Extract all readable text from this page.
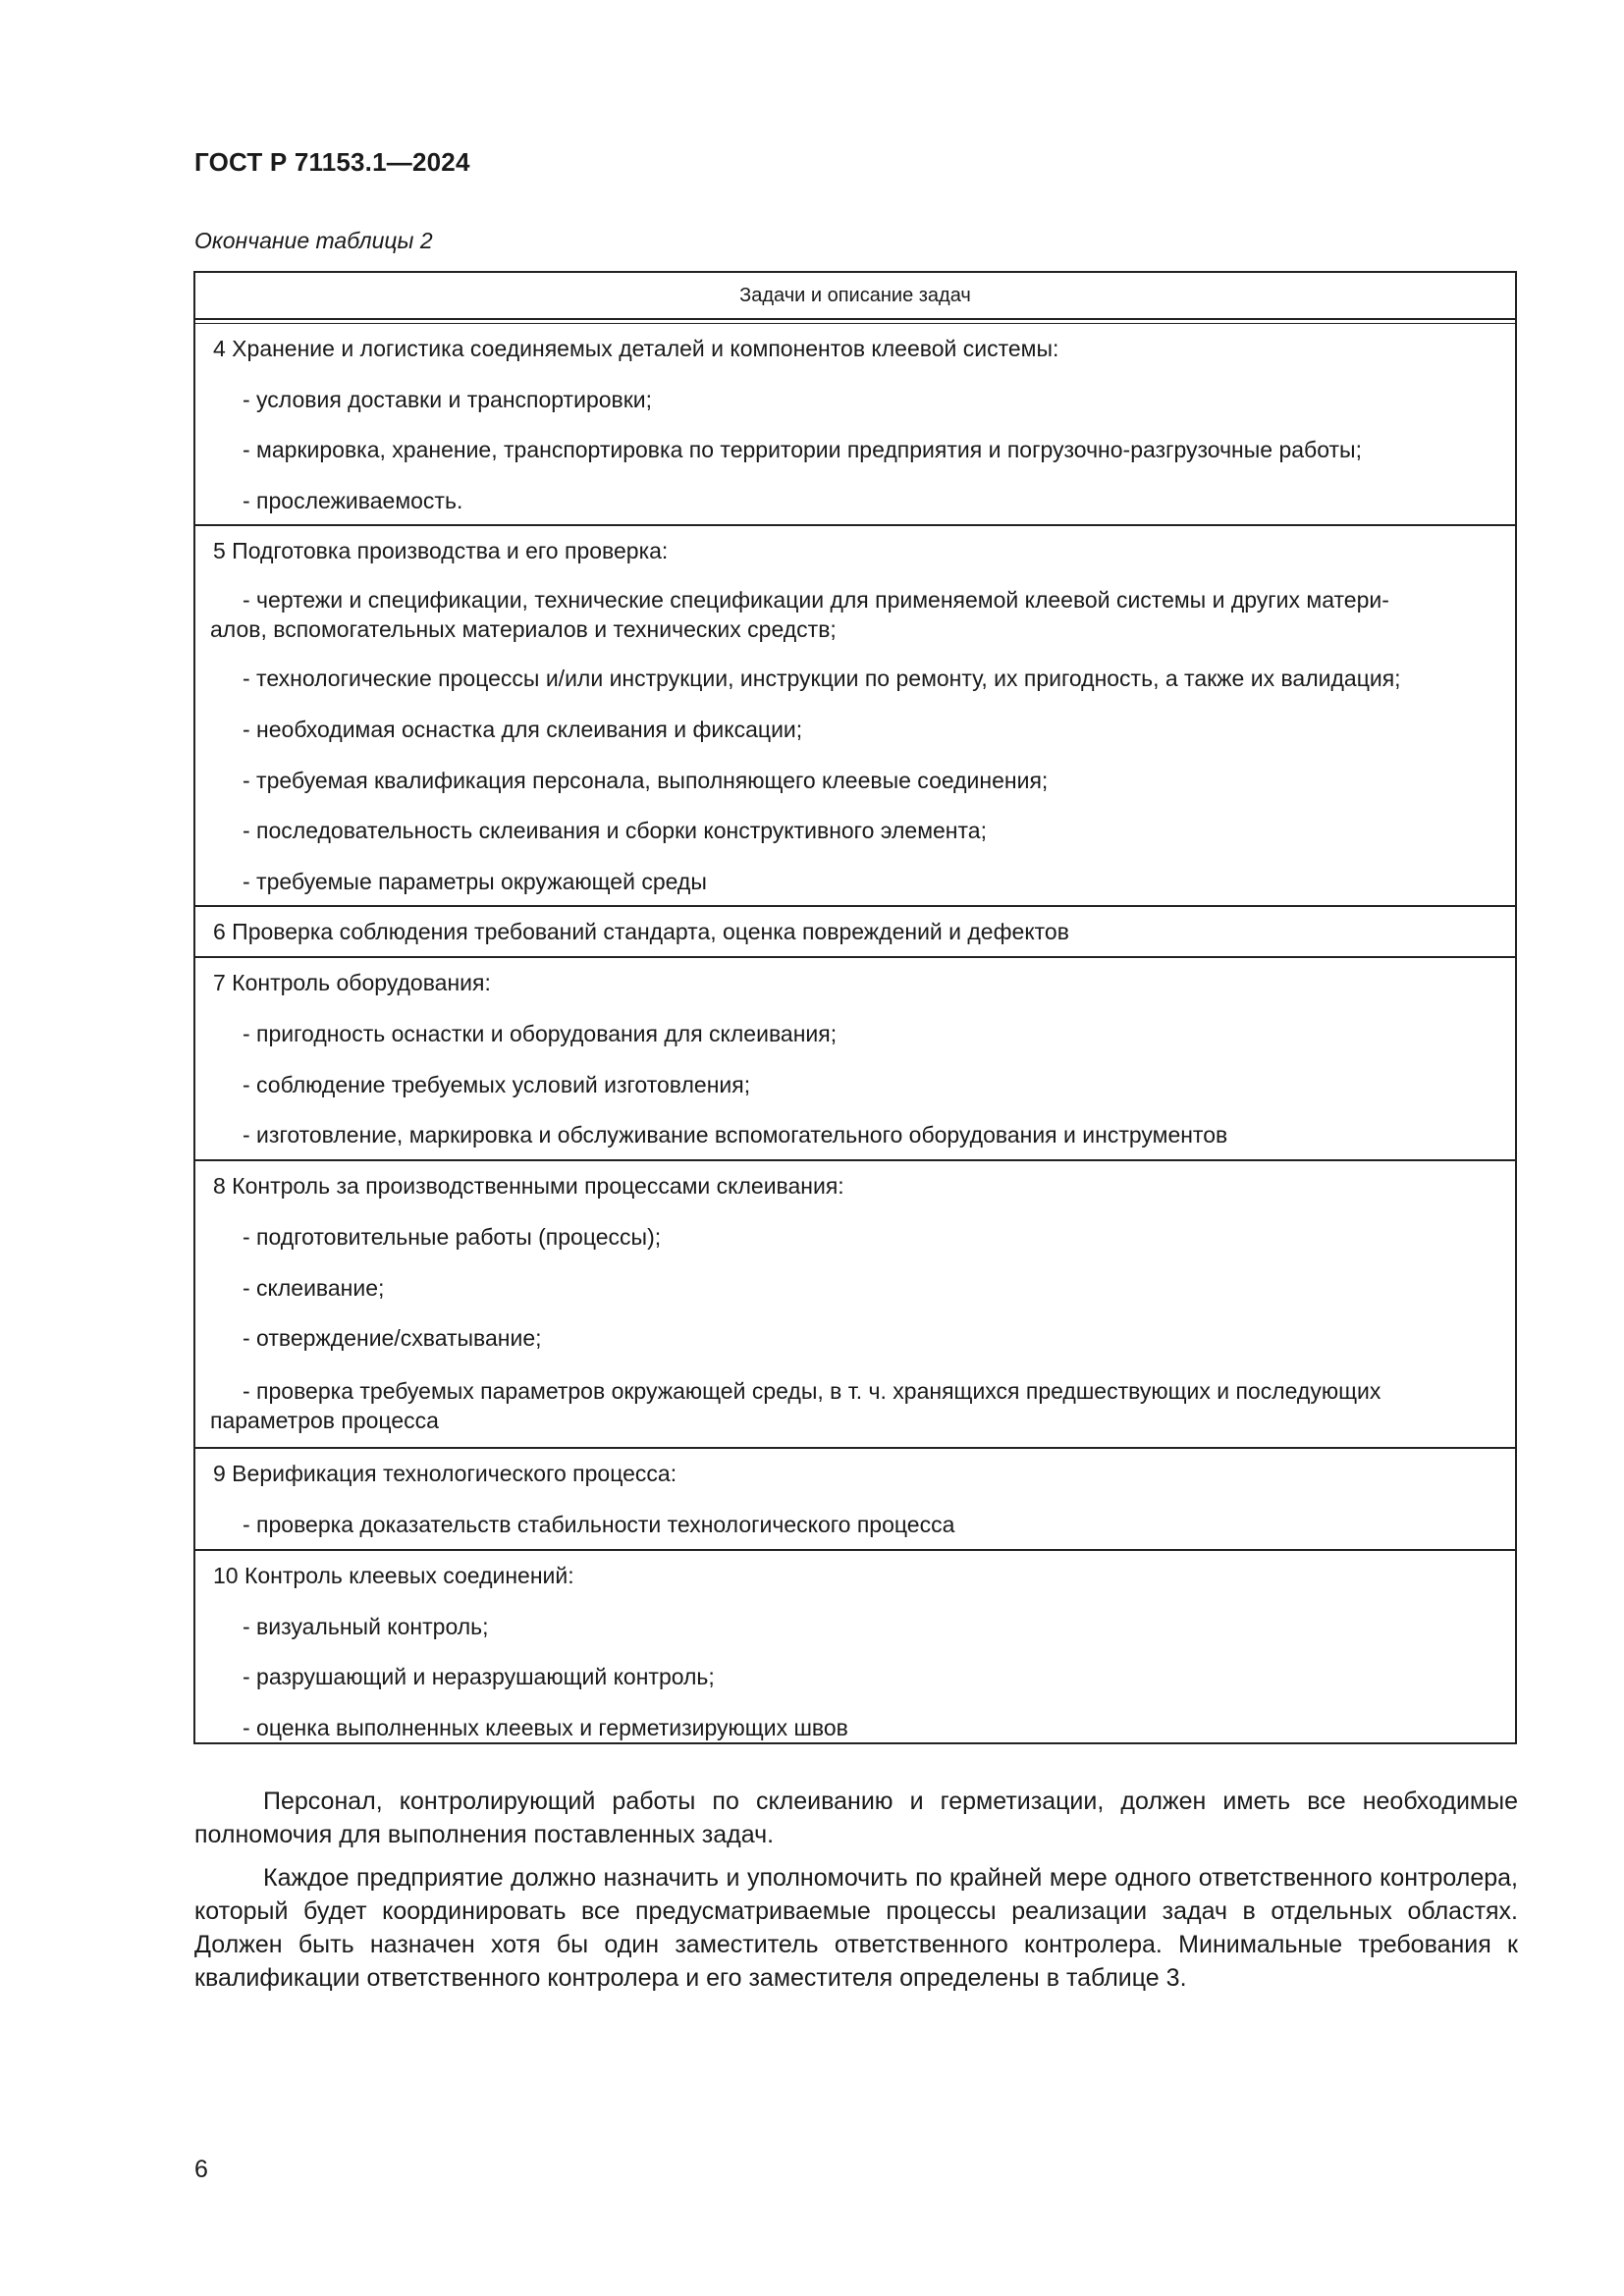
ГОСТ Р 71153.1—2024
Окончание таблицы 2
Задачи и описание задач
4 Хранение и логистика соединяемых деталей и компонентов клеевой системы:
- условия доставки и транспортировки;
- маркировка, хранение, транспортировка по территории предприятия и погрузочно-разгрузочные работы;
- прослеживаемость.
5 Подготовка производства и его проверка:
- чертежи и спецификации, технические спецификации для применяемой клеевой системы и других матери-
алов, вспомогательных материалов и технических средств;
- технологические процессы и/или инструкции, инструкции по ремонту, их пригодность, а также их валидация;
- необходимая оснастка для склеивания и фиксации;
- требуемая квалификация персонала, выполняющего клеевые соединения;
- последовательность склеивания и сборки конструктивного элемента;
- требуемые параметры окружающей среды
6 Проверка соблюдения требований стандарта, оценка повреждений и дефектов
7 Контроль оборудования:
- пригодность оснастки и оборудования для склеивания;
- соблюдение требуемых условий изготовления;
- изготовление, маркировка и обслуживание вспомогательного оборудования и инструментов
8 Контроль за производственными процессами склеивания:
- подготовительные работы (процессы);
- склеивание;
- отверждение/схватывание;
- проверка требуемых параметров окружающей среды, в т. ч. хранящихся предшествующих и последующих
параметров процесса
9 Верификация технологического процесса:
- проверка доказательств стабильности технологического процесса
10 Контроль клеевых соединений:
- визуальный контроль;
- разрушающий и неразрушающий контроль;
- оценка выполненных клеевых и герметизирующих швов
Персонал, контролирующий работы по склеиванию и герметизации, должен иметь все необходимые полномочия для выполнения поставленных задач.
Каждое предприятие должно назначить и уполномочить по крайней мере одного ответственного контролера, который будет координировать все предусматриваемые процессы реализации задач в отдельных областях. Должен быть назначен хотя бы один заместитель ответственного контролера. Минимальные требования к квалификации ответственного контролера и его заместителя определены в таблице 3.
6
